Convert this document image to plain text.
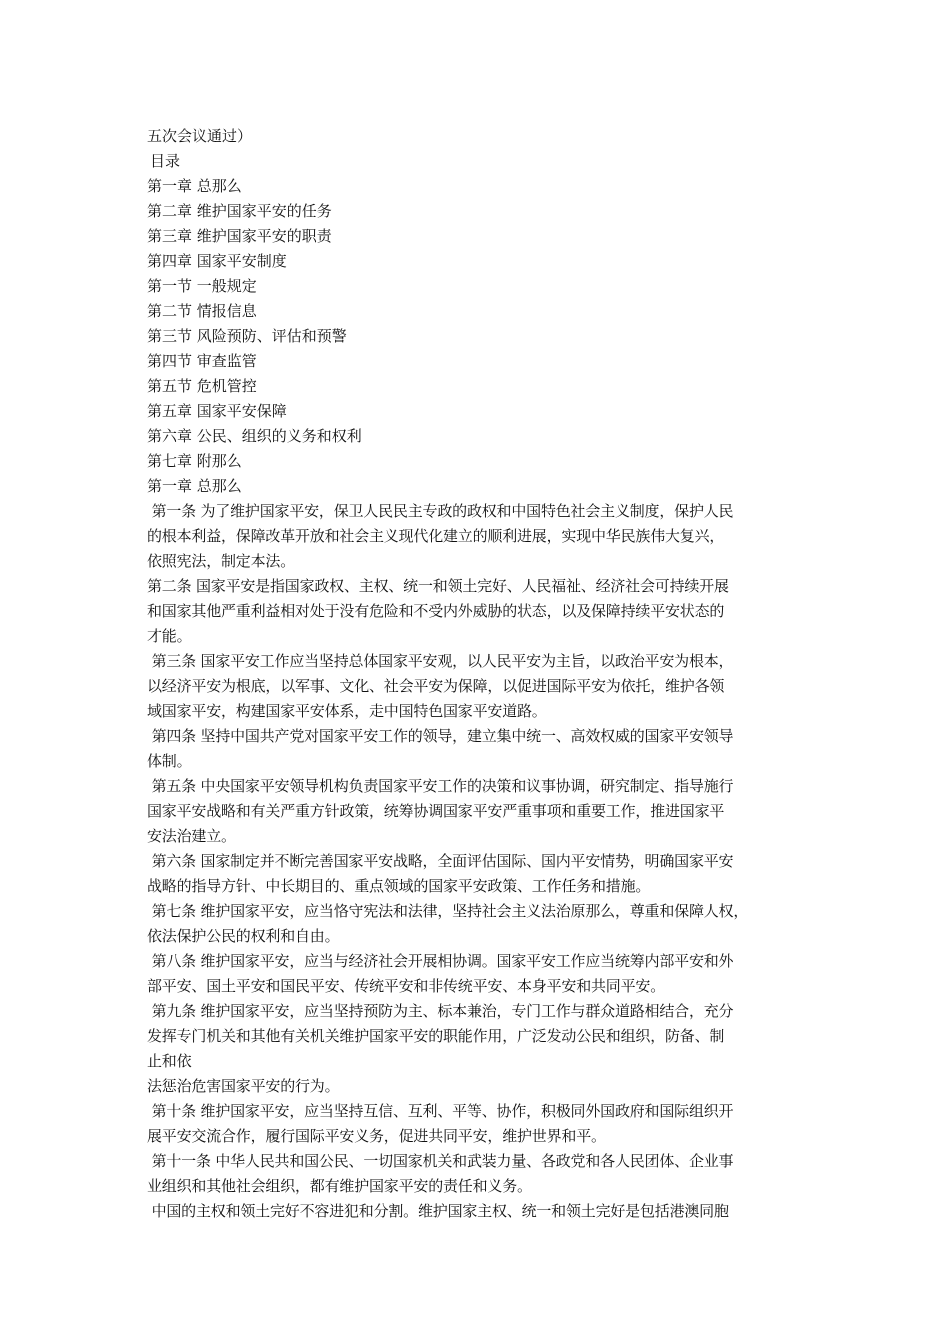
五次会议通过）

目录

第一章 总那么

第二章 维护国家平安的任务

第三章 维护国家平安的职责

第四章 国家平安制度

第一节 一般规定

第二节 情报信息

第三节 风险预防、评估和预警

第四节 审查监管

第五节 危机管控

第五章 国家平安保障

第六章 公民、组织的义务和权利

第七章 附那么

第一章 总那么

第一条 为了维护国家平安，保卫人民民主专政的政权和中国特色社会主义制度，保护人民

的根本利益，保障改革开放和社会主义现代化建立的顺利进展，实现中华民族伟大复兴，

依照宪法，制定本法。

第二条 国家平安是指国家政权、主权、统一和领土完好、人民福祉、经济社会可持续开展

和国家其他严重利益相对处于没有危险和不受内外威胁的状态，以及保障持续平安状态的

才能。

第三条 国家平安工作应当坚持总体国家平安观，以人民平安为主旨，以政治平安为根本，

以经济平安为根底，以军事、文化、社会平安为保障，以促进国际平安为依托，维护各领

域国家平安，构建国家平安体系，走中国特色国家平安道路。

第四条 坚持中国共产党对国家平安工作的领导，建立集中统一、高效权威的国家平安领导

体制。

第五条 中央国家平安领导机构负责国家平安工作的决策和议事协调，研究制定、指导施行

国家平安战略和有关严重方针政策，统筹协调国家平安严重事项和重要工作，推进国家平

安法治建立。

第六条 国家制定并不断完善国家平安战略，全面评估国际、国内平安情势，明确国家平安

战略的指导方针、中长期目的、重点领域的国家平安政策、工作任务和措施。

第七条 维护国家平安，应当恪守宪法和法律，坚持社会主义法治原那么，尊重和保障人权，

依法保护公民的权利和自由。

第八条 维护国家平安，应当与经济社会开展相协调。国家平安工作应当统筹内部平安和外

部平安、国土平安和国民平安、传统平安和非传统平安、本身平安和共同平安。

第九条 维护国家平安，应当坚持预防为主、标本兼治，专门工作与群众道路相结合，充分

发挥专门机关和其他有关机关维护国家平安的职能作用，广泛发动公民和组织，防备、制

止和依

法惩治危害国家平安的行为。

第十条 维护国家平安，应当坚持互信、互利、平等、协作，积极同外国政府和国际组织开

展平安交流合作，履行国际平安义务，促进共同平安，维护世界和平。

第十一条 中华人民共和国公民、一切国家机关和武装力量、各政党和各人民团体、企业事

业组织和其他社会组织，都有维护国家平安的责任和义务。

中国的主权和领土完好不容进犯和分割。维护国家主权、统一和领土完好是包括港澳同胞
